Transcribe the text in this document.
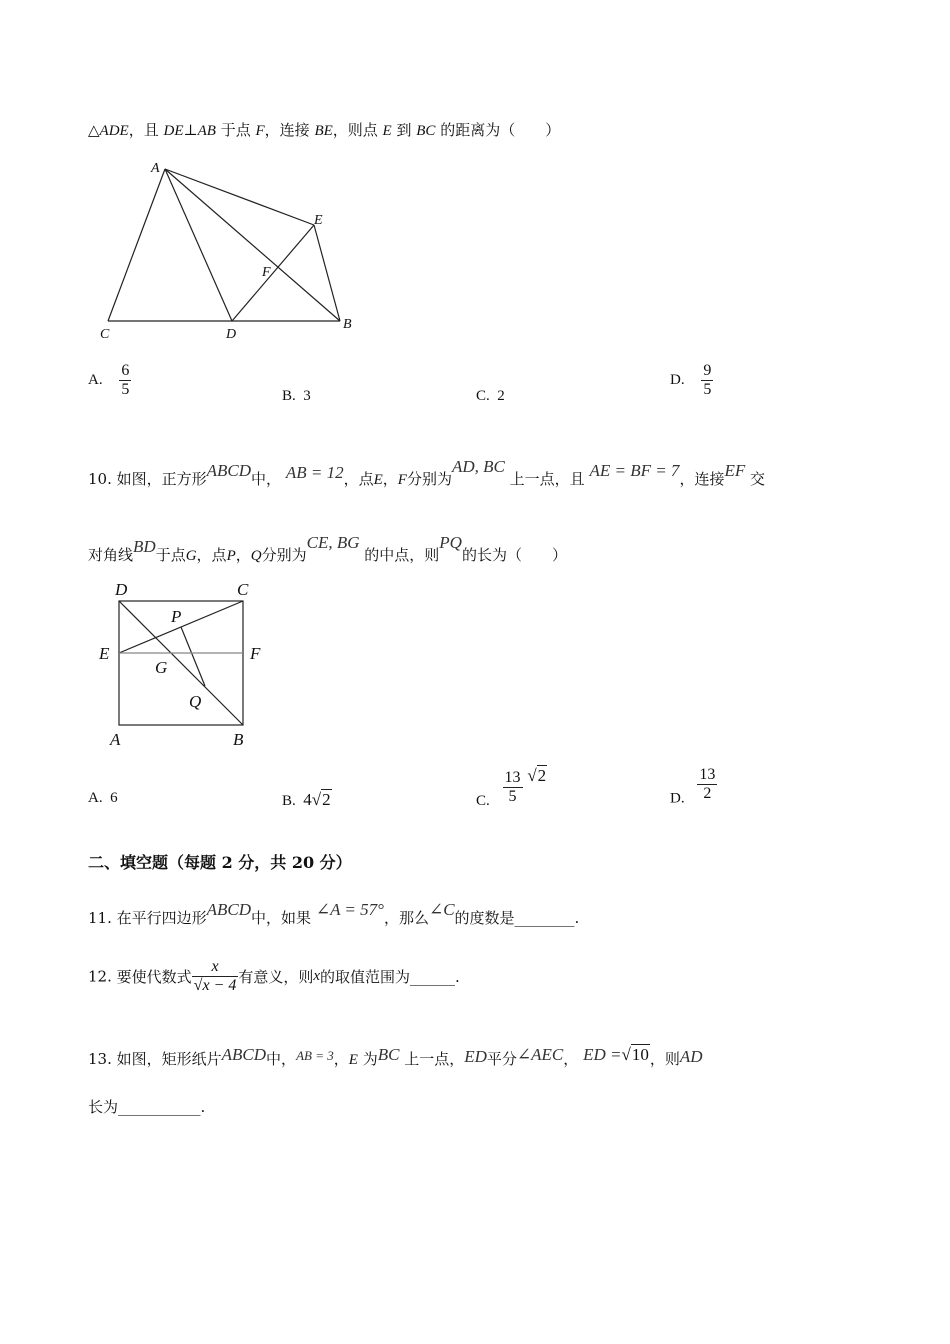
△ADE，且 DE⊥AB 于点 F，连接 BE，则点 E 到 BC 的距离为（　　）
A
E
F
C	D
B
A. $\frac{6}{5}$	B. 3	C. 2
D. $\frac{9}{5}$
10. 如图，正方形ABCD中， AB = 12，点E，F分别为AD, BC 上一点，且 AE = BF = 7，连接EF 交
对角线BD于点G，点P，Q分别为CE, BG 的中点，则PQ的长为（　　）
D	C
P
E	F
G
Q
A	B
A. 6	B. 4√2	C. $\frac{13}{5} √2$
D. $\frac{13}{2}$
二、填空题（每题 2 分，共 20 分）
11. 在平行四边形ABCD中，如果 ∠A = 57°，那么∠C的度数是________.
12. 要使代数式 $\frac{x}{√x - 4}$ 有意义，则x的取值范围为______.
13. 如图，矩形纸片ABCD中，AB = 3，E 为BC 上一点，ED平分∠AEC， ED =√10，则AD
长为___________.
